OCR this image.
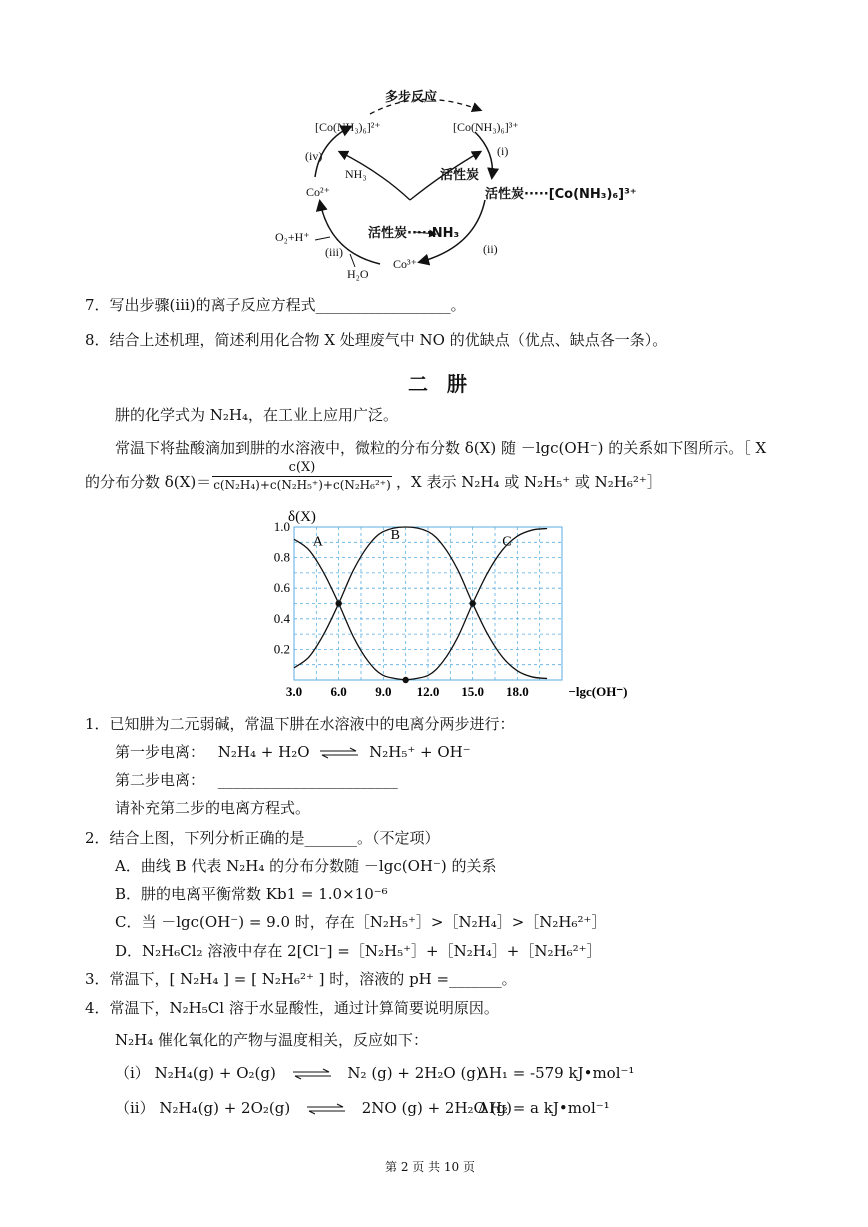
多步反应
[Co(NH₃)₆]²⁺	[Co(NH₃)₆]³⁺
(iv)	(i)
NH₃	活性炭
活性炭·····[Co(NH₃)₆]³⁺
Co²⁺
活性炭·····NH₃
O₂+H⁺
(iii)	(ii)
H₂O
Co³⁺
7．写出步骤(iii)的离子反应方程式__________________。
8．结合上述机理，简述利用化合物 X 处理废气中 NO 的优缺点（优点、缺点各一条）。
二 肼
肼的化学式为 N₂H₄，在工业上应用广泛。
常温下将盐酸滴加到肼的水溶液中，微粒的分布分数 δ(X) 随 －lgc(OH⁻) 的关系如下图所示。［ X
的分布分数 $\delta(X)= \frac{c(X)}{\text{c(N₂H₄)+c(N₂H₅⁺)+c(N₂H₆²⁺)}}$ ，X 表示 N₂H₄ 或 N₂H₅⁺ 或 N₂H₆²⁺］
1.0
0.8
0.6
0.4
0.2
3.0 6.0 9.0 12.0 15.0 18.0	−lgc(OH⁻)
δ(X)
A	B	C
1．已知肼为二元弱碱，常温下肼在水溶液中的电离分两步进行：
第一步电离： N₂H₄ + H₂O ⇌ N₂H₅⁺ + OH⁻
第二步电离： ________________________
请补充第二步的电离方程式。
2．结合上图，下列分析正确的是_______。（不定项）
A．曲线 B 代表 N₂H₄ 的分布分数随 －lgc(OH⁻) 的关系
B．肼的电离平衡常数 Kb1 = 1.0×10⁻⁶
C．当 －lgc(OH⁻) = 9.0 时，存在［N₂H₅⁺］>［N₂H₄］>［N₂H₆²⁺］
D．N₂H₆Cl₂ 溶液中存在 2[Cl⁻] =［N₂H₅⁺］+［N₂H₄］+［N₂H₆²⁺］
3．常温下，[ N₂H₄ ] = [ N₂H₆²⁺ ] 时，溶液的 pH =_______。
4．常温下，N₂H₅Cl 溶于水显酸性，通过计算简要说明原因。
N₂H₄ 催化氧化的产物与温度相关，反应如下：
（i） N₂H₄(g) + O₂(g) ⇌ N₂ (g) + 2H₂O (g)
ΔH₁ = -579 kJ•mol⁻¹
（ii） N₂H₄(g) + 2O₂(g) ⇌ 2NO (g) + 2H₂O (g)
ΔH₂ = a kJ•mol⁻¹
第 2 页 共 10 页
